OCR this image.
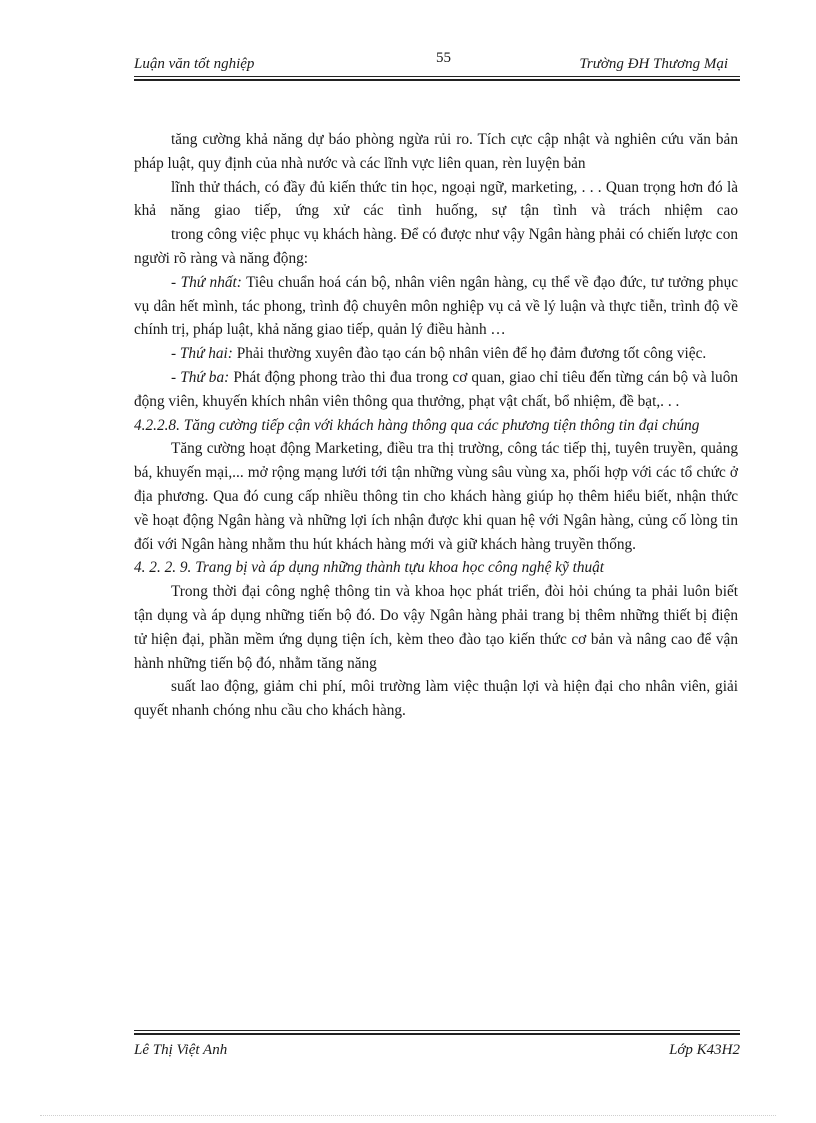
Luận văn tốt nghiệp	55	Trường ĐH Thương Mại

tăng cường khả năng dự báo phòng ngừa rủi ro. Tích cực cập nhật và nghiên cứu văn bản pháp luật, quy định của nhà nước và các lĩnh vực liên quan, rèn luyện bản

lĩnh thử thách, có đầy đủ kiến thức tin học, ngoại ngữ, marketing, . . . Quan trọng hơn đó là khả năng giao tiếp, ứng xử các tình huống, sự tận tình và trách nhiệm cao

trong công việc phục vụ khách hàng. Để có được như vậy Ngân hàng phải có chiến lược con người rõ ràng và năng động:

- Thứ nhất: Tiêu chuẩn hoá cán bộ, nhân viên ngân hàng, cụ thể về đạo đức, tư tưởng phục vụ dân hết mình, tác phong, trình độ chuyên môn nghiệp vụ cả về lý luận và thực tiễn, trình độ về chính trị, pháp luật, khả năng giao tiếp, quản lý điều hành …

- Thứ hai: Phải thường xuyên đào tạo cán bộ nhân viên để họ đảm đương tốt công việc.

- Thứ ba: Phát động phong trào thi đua trong cơ quan, giao chỉ tiêu đến từng cán bộ và luôn động viên, khuyến khích nhân viên thông qua thưởng, phạt vật chất, bổ nhiệm, đề bạt,. . .

4.2.2.8. Tăng cường tiếp cận với khách hàng thông qua các phương tiện thông tin đại chúng

Tăng cường hoạt động Marketing, điều tra thị trường, công tác tiếp thị, tuyên truyền, quảng bá, khuyến mại,... mở rộng mạng lưới tới tận những vùng sâu vùng xa, phối hợp với các tổ chức ở địa phương. Qua đó cung cấp nhiều thông tin cho khách hàng giúp họ thêm hiểu biết, nhận thức về hoạt động Ngân hàng và những lợi ích nhận được khi quan hệ với Ngân hàng, củng cố lòng tin đối với Ngân hàng nhằm thu hút khách hàng mới và giữ khách hàng truyền thống.

4. 2. 2. 9. Trang bị và áp dụng những thành tựu khoa học công nghệ kỹ thuật

Trong thời đại công nghệ thông tin và khoa học phát triển, đòi hỏi chúng ta phải luôn biết tận dụng và áp dụng những tiến bộ đó. Do vậy Ngân hàng phải trang bị thêm những thiết bị điện tử hiện đại, phần mềm ứng dụng tiện ích, kèm theo đào tạo kiến thức cơ bản và nâng cao để vận hành những tiến bộ đó, nhằm tăng năng

suất lao động, giảm chi phí, môi trường làm việc thuận lợi và hiện đại cho nhân viên, giải quyết nhanh chóng nhu cầu cho khách hàng.

Lê Thị Việt Anh	Lớp K43H2
